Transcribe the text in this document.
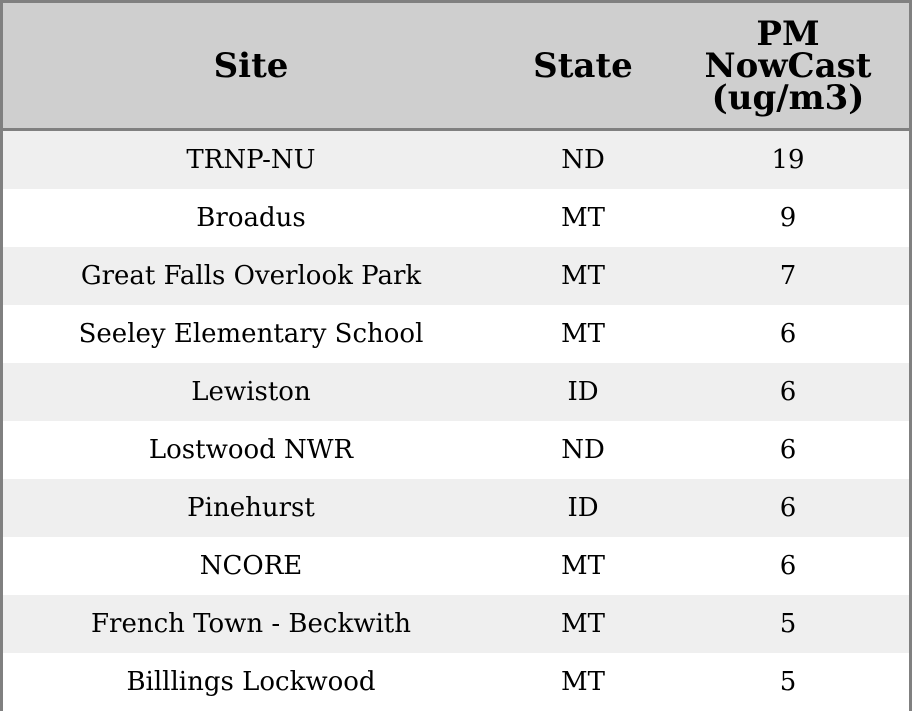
Site	State	PM
NowCast
(ug/m3)

TRNP-NU	ND	19
Broadus	MT	9
Great Falls Overlook Park	MT	7
Seeley Elementary School	MT	6
Lewiston	ID	6
Lostwood NWR	ND	6
Pinehurst	ID	6
NCORE	MT	6
French Town - Beckwith	MT	5
Billlings Lockwood	MT	5
